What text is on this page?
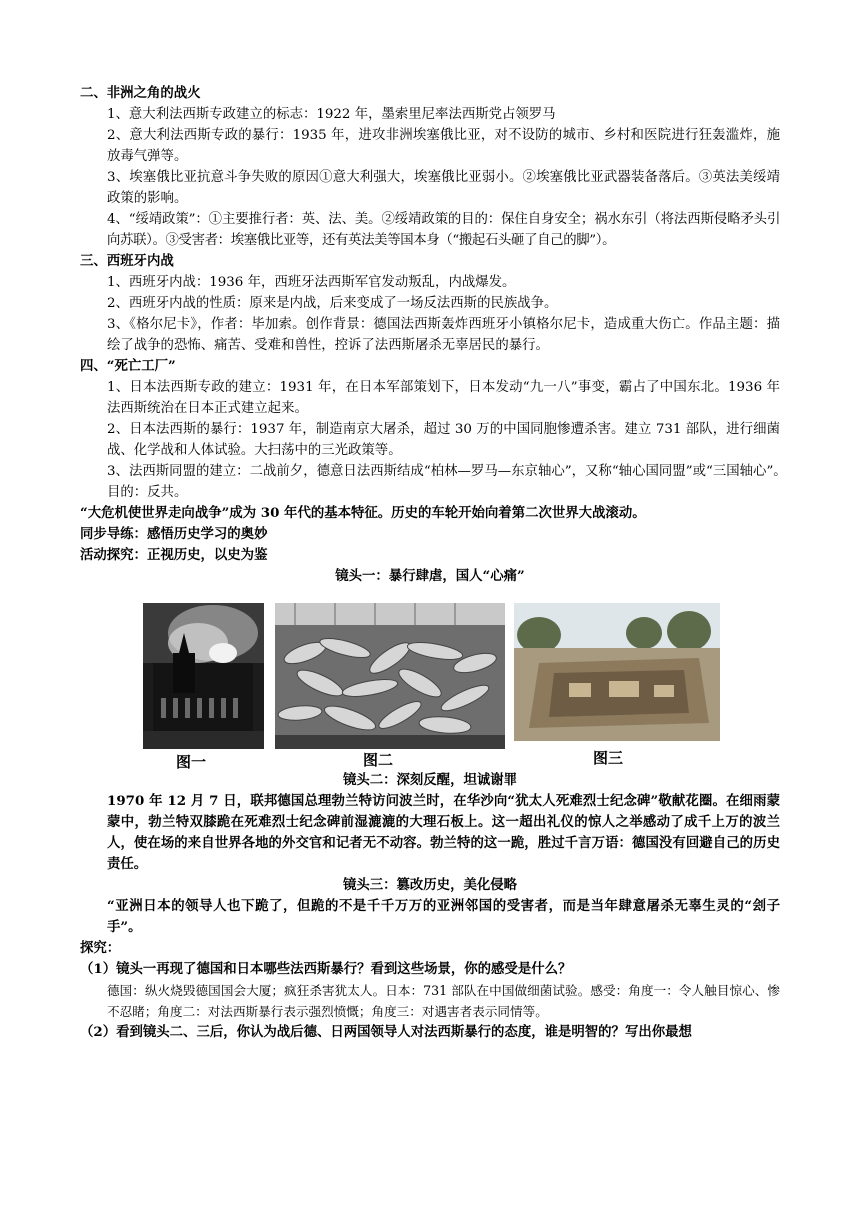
二、非洲之角的战火
1、意大利法西斯专政建立的标志：1922 年，墨索里尼率法西斯党占领罗马
2、意大利法西斯专政的暴行：1935 年，进攻非洲埃塞俄比亚，对不设防的城市、乡村和医院进行狂轰滥炸，施放毒气弹等。
3、埃塞俄比亚抗意斗争失败的原因①意大利强大，埃塞俄比亚弱小。②埃塞俄比亚武器装备落后。③英法美绥靖政策的影响。
4、“绥靖政策”：①主要推行者：英、法、美。②绥靖政策的目的：保住自身安全；祸水东引（将法西斯侵略矛头引向苏联）。③受害者：埃塞俄比亚等，还有英法美等国本身（“搬起石头砸了自己的脚”）。
三、西班牙内战
1、西班牙内战：1936 年，西班牙法西斯军官发动叛乱，内战爆发。
2、西班牙内战的性质：原来是内战，后来变成了一场反法西斯的民族战争。
3、《格尔尼卡》，作者：毕加索。创作背景：德国法西斯轰炸西班牙小镇格尔尼卡，造成重大伤亡。作品主题：描绘了战争的恐怖、痛苦、受难和兽性，控诉了法西斯屠杀无辜居民的暴行。
四、“死亡工厂”
1、日本法西斯专政的建立：1931 年，在日本军部策划下，日本发动“九一八”事变，霸占了中国东北。1936 年法西斯统治在日本正式建立起来。
2、日本法西斯的暴行：1937 年，制造南京大屠杀，超过 30 万的中国同胞惨遭杀害。建立 731 部队，进行细菌战、化学战和人体试验。大扫荡中的三光政策等。
3、法西斯同盟的建立：二战前夕，德意日法西斯结成“柏林—罗马—东京轴心”，又称“轴心国同盟”或“三国轴心”。　目的：反共。
“大危机使世界走向战争”成为 30 年代的基本特征。历史的车轮开始向着第二次世界大战滚动。
同步导练：感悟历史学习的奥妙
活动探究：正视历史，以史为鉴
镜头一：暴行肆虐，国人“心痛”
图一	图二	图三
镜头二：深刻反醒，坦诚谢罪
1970 年 12 月 7 日，联邦德国总理勃兰特访问波兰时，在华沙向“犹太人死难烈士纪念碑”敬献花圈。在细雨蒙蒙中，勃兰特双膝跪在死难烈士纪念碑前湿漉漉的大理石板上。这一超出礼仪的惊人之举感动了成千上万的波兰人，使在场的来自世界各地的外交官和记者无不动容。勃兰特的这一跪，胜过千言万语：德国没有回避自己的历史责任。
镜头三：篡改历史，美化侵略
“亚洲日本的领导人也下跪了，但跪的不是千千万万的亚洲邻国的受害者，而是当年肆意屠杀无辜生灵的“刽子手”。
探究：
（1）镜头一再现了德国和日本哪些法西斯暴行？看到这些场景，你的感受是什么？
德国：纵火烧毁德国国会大厦；疯狂杀害犹太人。日本：731 部队在中国做细菌试验。感受：角度一：令人触目惊心、惨不忍睹；角度二：对法西斯暴行表示强烈愤慨；角度三：对遇害者表示同情等。
（2）看到镜头二、三后，你认为战后德、日两国领导人对法西斯暴行的态度，谁是明智的？写出你最想
